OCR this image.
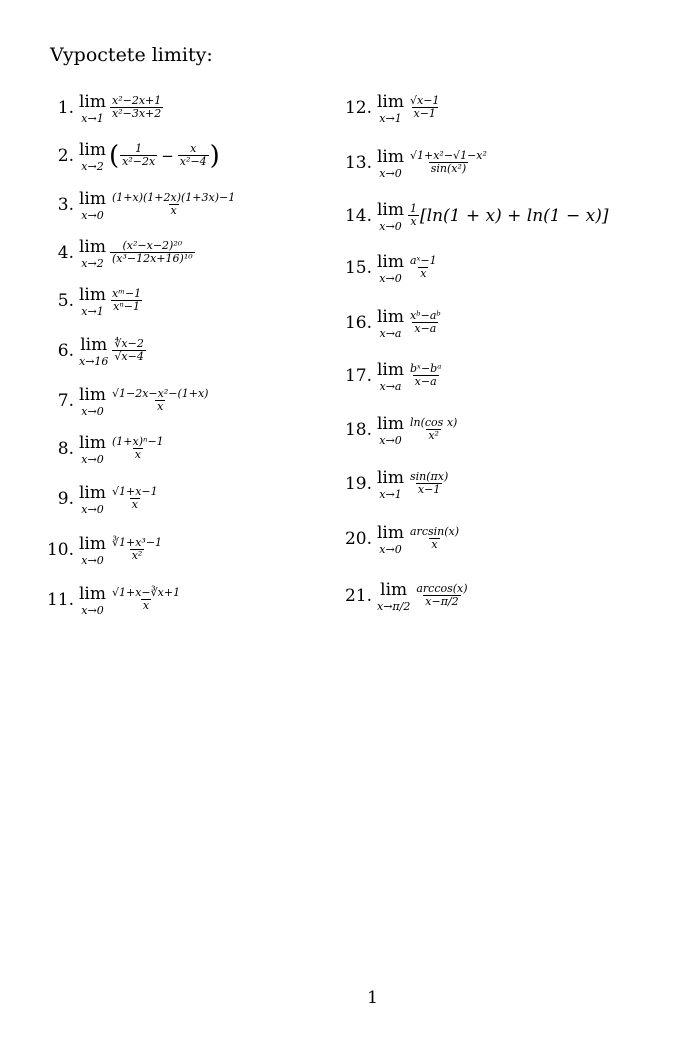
Vypoctete limity:
1. lim
$x\to 1 \frac{\text{x²−2x+1}}{\text{x²−3x+2}}$
2. lim
x→2 ( $\frac{1}{\text{x²−2x}} - \frac{x}{\text{x²−4}}$ )
3. lim
$x\to 0 \frac{(1+x)(1+2x)(1+3x)-1}{x}$
4. lim
$x\to 2 \frac{\text{(x²−x−2)²⁰}}{\text{(x³−12x+16)¹⁰}}$
5. lim
$x\to 1 \frac{\text{xᵐ−1}}{\text{xⁿ−1}}$
6. lim
$x\to 16 \frac{∜x-2}{√x-4}$
7. lim
$x\to 0 \frac{\text{√1−2x−x²−(1+x)}}{x}$
8. lim
$x\to 0 \frac{\text{(1+x)ⁿ−1}}{x}$
9. lim
$x\to 0 \frac{√1+x-1}{x}$
10. lim
$x\to 0 \frac{\text{∛1+x³−1}}{\text{x²}}$
11. lim
$x\to 0 \frac{√1+x-∛x+1}{x}$
12. lim
$x\to 1 \frac{√x-1}{x-1}$
13. lim
$x\to 0 \frac{\text{√1+x²−√1−x²}}{\text{sin(x²)}}$
14. lim
$x\to 0 \frac{1}{x} [\ln(1 + x) + \ln(1 - x)]$
15. lim
$x\to 0 \frac{\text{aˣ−1}}{x}$
16. lim
$x\to a \frac{\text{xᵇ−aᵇ}}{x-a}$
17. lim
$x\to a \frac{\text{bˣ−bᵃ}}{x-a}$
18. lim
$x\to 0 \frac{\text{ln(cos x)}}{\text{x²}}$
19. lim
$x\to 1 \frac{\sin(\pi x)}{x-1}$
20. lim
$x\to 0 \frac{\arcsin(x)}{x}$
21. lim
$x\to\pi/2 \frac{\arccos(x)}{x-\pi/2}$
1
